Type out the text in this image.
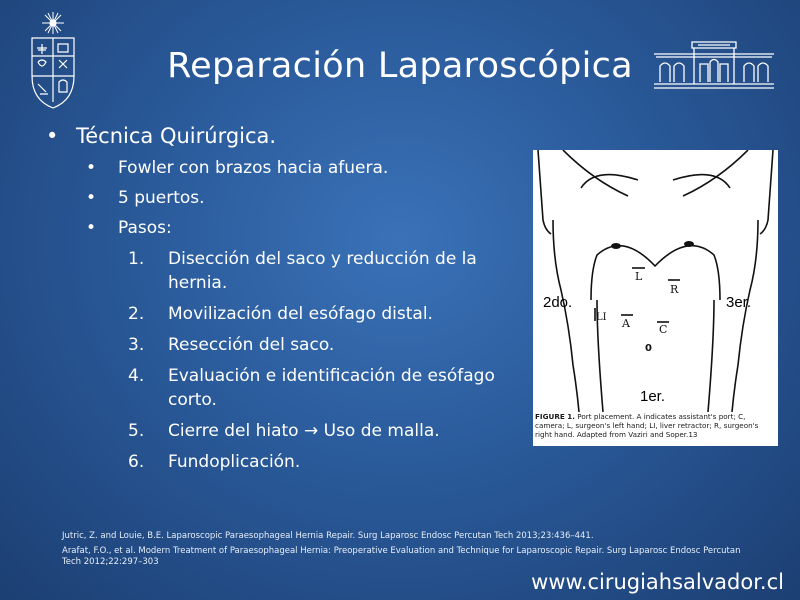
Reparación Laparoscópica
• Técnica Quirúrgica.
• Fowler con brazos hacia afuera.
• 5 puertos.
• Pasos:
1. Disección del saco y reducción de la hernia.
2. Movilización del esófago distal.
3. Resección del saco.
4. Evaluación e identificación de esófago corto.
5. Cierre del hiato → Uso de malla.
6. Fundoplicación.
L
R
LI A	C
0
2do.	3er.
1er.
FIGURE 1. Port placement. A indicates assistant's port; C, camera; L, surgeon's left hand; LI, liver retractor; R, surgeon's right hand. Adapted from Vaziri and Soper.13
Jutric, Z. and Louie, B.E. Laparoscopic Paraesophageal Hernia Repair. Surg Laparosc Endosc Percutan Tech 2013;23:436–441.
Arafat, F.O., et al. Modern Treatment of Paraesophageal Hernia: Preoperative Evaluation and Technique for Laparoscopic Repair. Surg Laparosc Endosc Percutan Tech 2012;22:297–303
www.cirugiahsalvador.cl
